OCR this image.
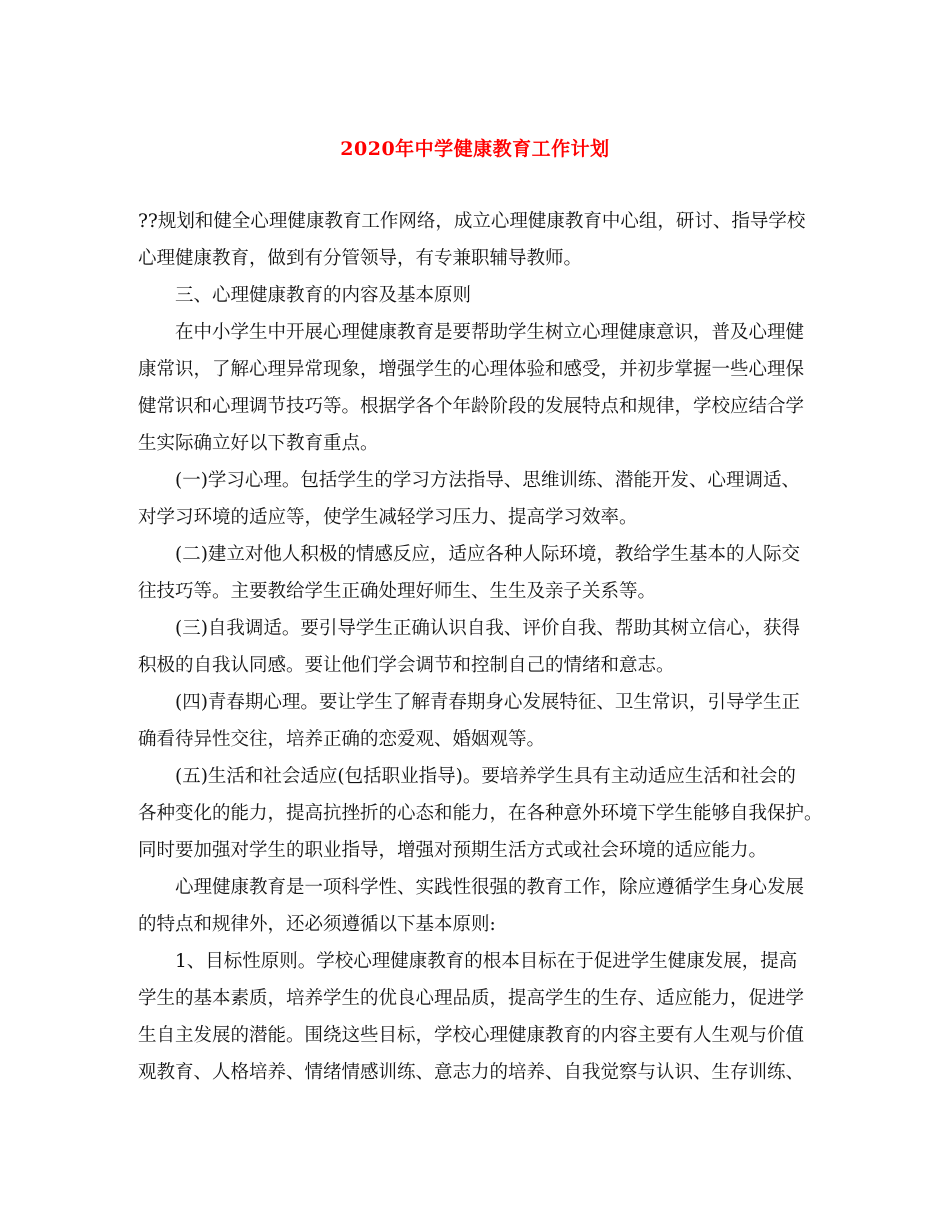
2020年中学健康教育工作计划
??规划和健全心理健康教育工作网络，成立心理健康教育中心组，研讨、指导学校
心理健康教育，做到有分管领导，有专兼职辅导教师。
三、心理健康教育的内容及基本原则
在中小学生中开展心理健康教育是要帮助学生树立心理健康意识，普及心理健
康常识，了解心理异常现象，增强学生的心理体验和感受，并初步掌握一些心理保
健常识和心理调节技巧等。根据学各个年龄阶段的发展特点和规律，学校应结合学
生实际确立好以下教育重点。
(一)学习心理。包括学生的学习方法指导、思维训练、潜能开发、心理调适、
对学习环境的适应等，使学生减轻学习压力、提高学习效率。
(二)建立对他人积极的情感反应，适应各种人际环境，教给学生基本的人际交
往技巧等。主要教给学生正确处理好师生、生生及亲子关系等。
(三)自我调适。要引导学生正确认识自我、评价自我、帮助其树立信心，获得
积极的自我认同感。要让他们学会调节和控制自己的情绪和意志。
(四)青春期心理。要让学生了解青春期身心发展特征、卫生常识，引导学生正
确看待异性交往，培养正确的恋爱观、婚姻观等。
(五)生活和社会适应(包括职业指导)。要培养学生具有主动适应生活和社会的
各种变化的能力，提高抗挫折的心态和能力，在各种意外环境下学生能够自我保护。
同时要加强对学生的职业指导，增强对预期生活方式或社会环境的适应能力。
心理健康教育是一项科学性、实践性很强的教育工作，除应遵循学生身心发展
的特点和规律外，还必须遵循以下基本原则:
1、目标性原则。学校心理健康教育的根本目标在于促进学生健康发展，提高
学生的基本素质，培养学生的优良心理品质，提高学生的生存、适应能力，促进学
生自主发展的潜能。围绕这些目标，学校心理健康教育的内容主要有人生观与价值
观教育、人格培养、情绪情感训练、意志力的培养、自我觉察与认识、生存训练、
